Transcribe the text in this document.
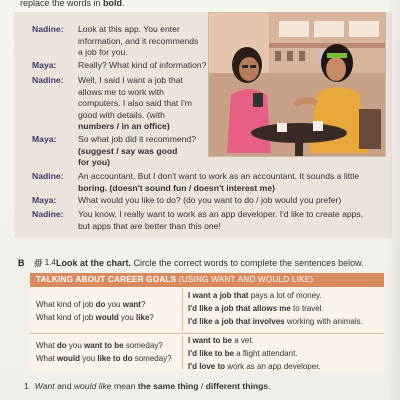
replace the words in bold.
Nadine: Look at this app. You enter
information, and it recommends
a job for you.
Maya:	Really? What kind of information?
Nadine: Well, I said I want a job that
allows me to work with
computers. I also said that I'm
good with details. (with
numbers / in an office)
Maya:	So what job did it recommend?
(suggest / say was good
for you)
Nadine: An accountant. But I don't want to work as an accountant. It sounds a little
boring. (doesn't sound fun / doesn't interest me)
Maya:	What would you like to do? (do you want to do / job would you prefer)
Nadine: You know, I really want to work as an app developer. I'd like to create apps,
but apps that are better than this one!
B ∰ 1.4 Look at the chart. Circle the correct words to complete the sentences below.
TALKING ABOUT CAREER GOALS (USING WANT AND WOULD LIKE)
What kind of job do you want?
What kind of job would you like?
I want a job that pays a lot of money.
I'd like a job that allows me to travel.
I'd like a job that involves working with animals.
What do you want to be someday?
What would you like to do someday?
I want to be a vet.
I'd like to be a flight attendant.
I'd love to work as an app developer.
1 Want and would like mean the same thing / different things.
